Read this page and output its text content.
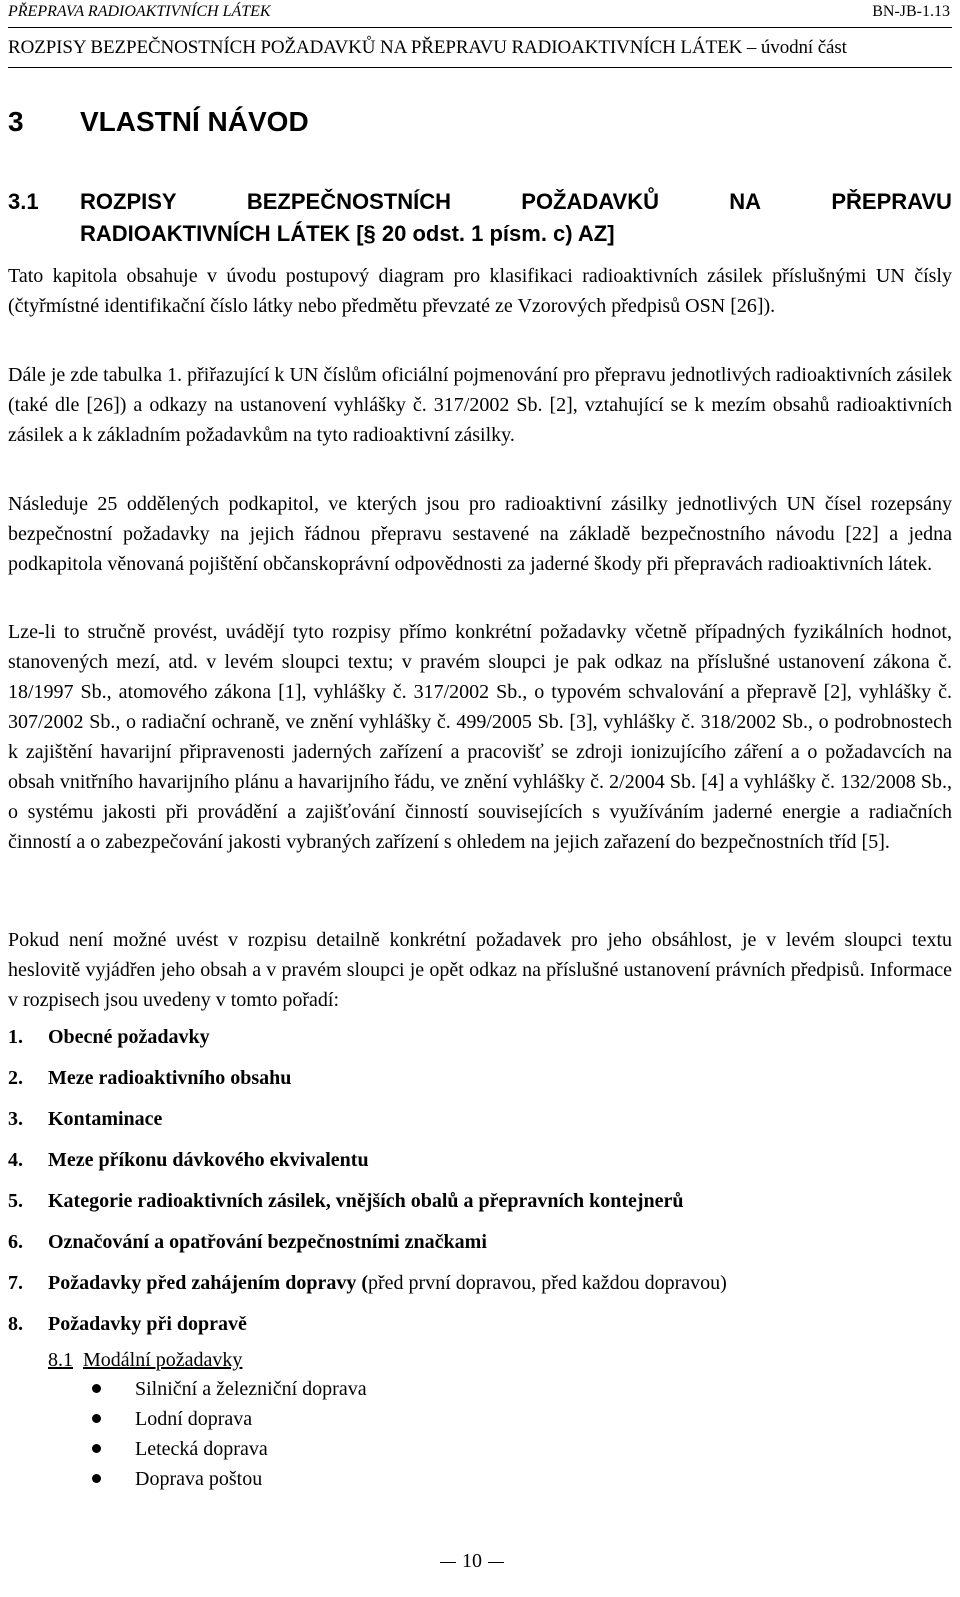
PŘEPRAVA RADIOAKTIVNÍCH LÁTEK	BN-JB-1.13
ROZPISY BEZPEČNOSTNÍCH POŽADAVKŮ NA PŘEPRAVU RADIOAKTIVNÍCH LÁTEK – úvodní část
3 VLASTNÍ NÁVOD
3.1 ROZPISY	BEZPEČNOSTNÍCH	POŽADAVKŮ	NA	PŘEPRAVU
RADIOAKTIVNÍCH LÁTEK [§ 20 odst. 1 písm. c) AZ]

Tato kapitola obsahuje v úvodu postupový diagram pro klasifikaci radioaktivních zásilek příslušnými UN čísly (čtyřmístné identifikační číslo látky nebo předmětu převzaté ze Vzorových předpisů OSN [26]).

Dále je zde tabulka 1. přiřazující k UN číslům oficiální pojmenování pro přepravu jednotlivých radioaktivních zásilek (také dle [26]) a odkazy na ustanovení vyhlášky č. 317/2002 Sb. [2], vztahující se k mezím obsahů radioaktivních zásilek a k základním požadavkům na tyto radioaktivní zásilky.

Následuje 25 oddělených podkapitol, ve kterých jsou pro radioaktivní zásilky jednotlivých UN čísel rozepsány bezpečnostní požadavky na jejich řádnou přepravu sestavené na základě bezpečnostního návodu [22] a jedna podkapitola věnovaná pojištění občanskoprávní odpovědnosti za jaderné škody při přepravách radioaktivních látek.

Lze-li to stručně provést, uvádějí tyto rozpisy přímo konkrétní požadavky včetně případných fyzikálních hodnot, stanovených mezí, atd. v levém sloupci textu; v pravém sloupci je pak odkaz na příslušné ustanovení zákona č. 18/1997 Sb., atomového zákona [1], vyhlášky č. 317/2002 Sb., o typovém schvalování a přepravě [2], vyhlášky č. 307/2002 Sb., o radiační ochraně, ve znění vyhlášky č. 499/2005 Sb. [3], vyhlášky č. 318/2002 Sb., o podrobnostech k zajištění havarijní připravenosti jaderných zařízení a pracovišť se zdroji ionizujícího záření a o požadavcích na obsah vnitřního havarijního plánu a havarijního řádu, ve znění vyhlášky č. 2/2004 Sb. [4] a vyhlášky č. 132/2008 Sb., o systému jakosti při provádění a zajišťování činností souvisejících s využíváním jaderné energie a radiačních činností a o zabezpečování jakosti vybraných zařízení s ohledem na jejich zařazení do bezpečnostních tříd [5].

Pokud není možné uvést v rozpisu detailně konkrétní požadavek pro jeho obsáhlost, je v levém sloupci textu heslovitě vyjádřen jeho obsah a v pravém sloupci je opět odkaz na příslušné ustanovení právních předpisů. Informace v rozpisech jsou uvedeny v tomto pořadí:

1. Obecné požadavky
2. Meze radioaktivního obsahu
3. Kontaminace
4. Meze příkonu dávkového ekvivalentu
5. Kategorie radioaktivních zásilek, vnějších obalů a přepravních kontejnerů
6. Označování a opatřování bezpečnostními značkami
7. Požadavky před zahájením dopravy (před první dopravou, před každou dopravou)
8. Požadavky při dopravě
8.1 Modální požadavky
Silniční a železniční doprava
Lodní doprava
Letecká doprava
Doprava poštou
10
